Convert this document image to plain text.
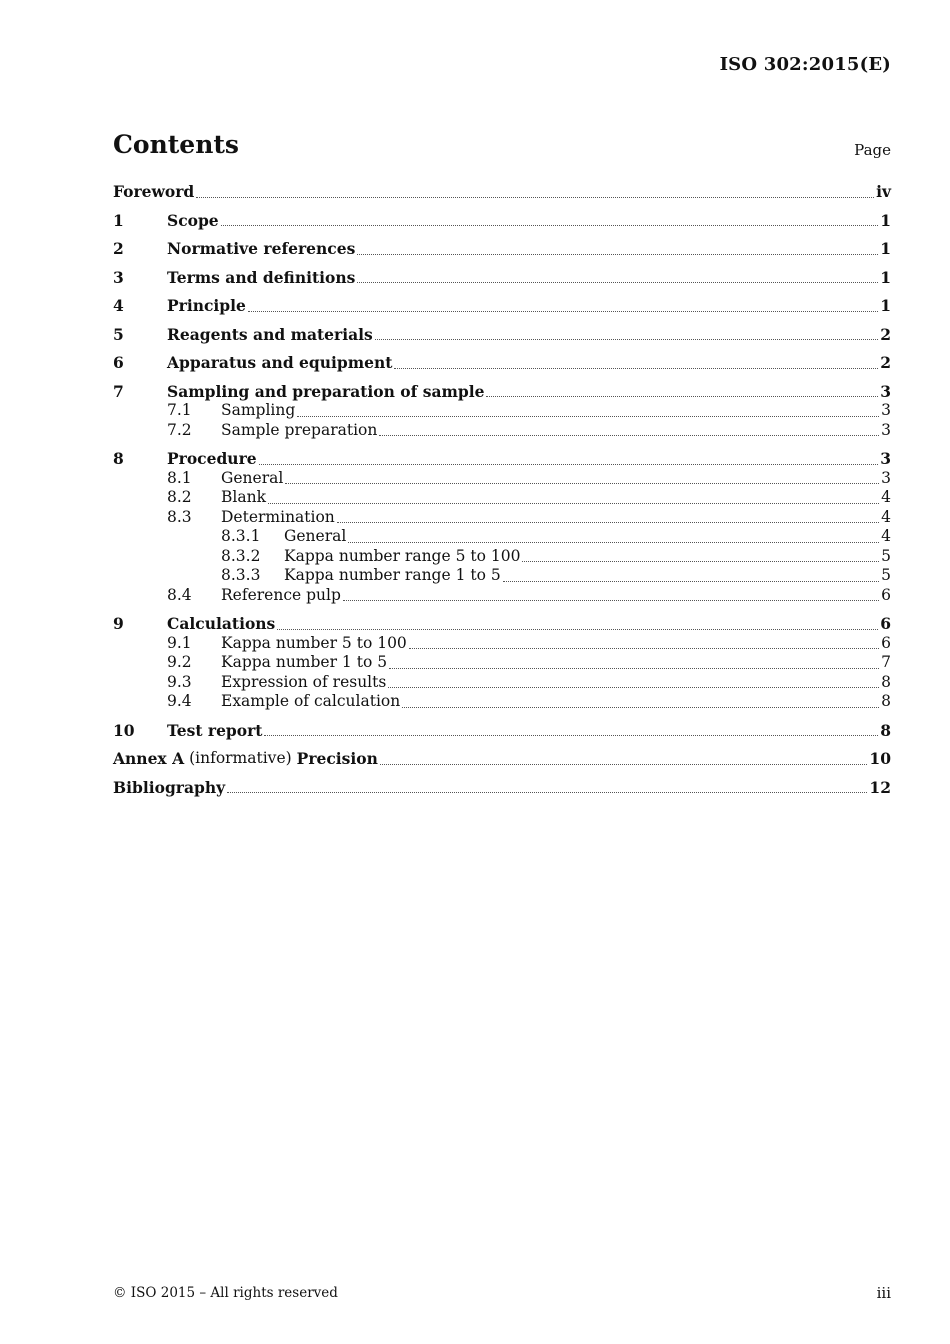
ISO 302:2015(E)
Contents	Page
Foreword	iv
1	Scope	1
2	Normative references	1
3	Terms and definitions	1
4	Principle	1
5	Reagents and materials	2
6	Apparatus and equipment	2
7	Sampling and preparation of sample	3
7.1	Sampling	3
7.2	Sample preparation	3
8	Procedure	3
8.1	General	3
8.2	Blank	4
8.3	Determination	4
8.3.1	General	4
8.3.2	Kappa number range 5 to 100	5
8.3.3	Kappa number range 1 to 5	5
8.4	Reference pulp	6
9	Calculations	6
9.1	Kappa number 5 to 100	6
9.2	Kappa number 1 to 5	7
9.3	Expression of results	8
9.4	Example of calculation	8
10	Test report	8
Annex A (informative) Precision	10
Bibliography	12
© ISO 2015 – All rights reserved	iii
